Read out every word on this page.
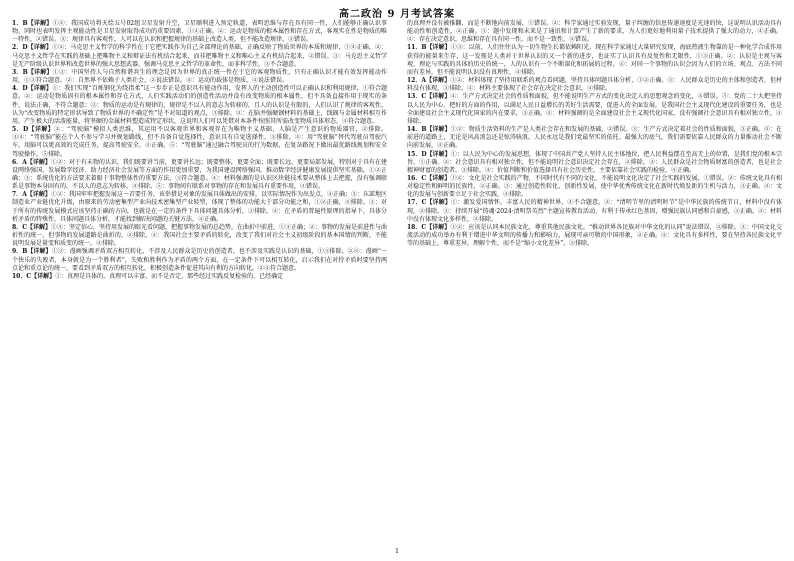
高二政治 9 月考试答案

1．B【详解】①④：我国成功将天绘五号02组卫星发射升空，卫星顺利进入预定轨道，表明思维与存在具有同一性，人们能够正确认识事物。同时也表明发挥主观能动性是卫星发射取得成功的重要因素，①④正确。②：运动是物质的根本属性和存在方式，客观实在性是物质的唯一特性，②错误。③：规律具有客观性，人可以在认识和把握规律的基础上改造人类，但不能改造规律，③错误。

2．D【详解】①④：马克思主义哲学的科学性在于它把实践作为自己全部理论的基础，正确反映了物质世界的本质和规律，①④正确。②：马克思主义哲学在实践的基础上把唯物主义和辩证法有机结合起来，而非把唯物主义和唯心主义有机结合起来，②错误。③：马克思主义哲学是无产阶级认识世界和改造世界的强大思想武器，强调马克思主义哲学的革命性，而非科学性，③不合题意。

3．B【详解】①③：中国坚持人与自然和谐共生的理念是因为世界的真正统一性在于它的客观物质性，只有正确认识才能有效发挥能动作用，①③符合题意。②：自然界不依赖于人类社会，②说法错误。④：运动的载体是物质，④说法错误。

4．D【详解】①：我们实现“百炼钢化为绕指柔”这一步步正是意识具有能动作用，发挥人的主动创造性可以正确认识和利用规律，①符合题意。②：运动是物质固有的根本属性和存在方式，人们实践活动们的创造性活动并没有改变物质的根本属性，但不具备直接作用于现实的条件，说法正确，不符合题意；③：物质的运动是有规律的，规律是不以人的意志为转移的，且人的认识是有限的，人们认识了规律的客观性，认为“改变物质的特定形状导致了物质世界的不确定性”是不对知道的观点，③排除。④：在脑并强硬钢材料的基础上，线圈与金属材料相互作用，产生极大的活泼能量，将坚硬的金属材料塑造成特定形状，这说明人们可以凭借对本条件按照其所需改变物质具体形态，④符合题意。

5．D【详解】②：“驾驶脑”模拟人类思维，其运用不以客观世界和客观存在为唯物主义基础，人脑是产生意识的物质器官，②排除。③④：“驾驶脑”能在个人不参与学习并规划路线，但不具备自觉选择性，意识具有自觉选择性，③排除。④：用“驾驶脑”替代驾驶员驾驶汽车，用脑可以更高效的完成任务，提高驾驶安全，④正确。⑤：“驾驶脑”通过融合驾驶员的行为数据，在复杂路况下做出最优路线规划和安全驾驶操作，⑤排除。

6．A【详解】①②：对于有未物的认识，我们既要讲当前，更要讲长远；既要整体，更要全面；既要长远，更要局部发展，特别对于具有在建设网络强国、发展数字经济、助力经济社会发展等方面的作用更加重要，为我国建设网络强国，推动数字经济健康发展提供坚实基础，①②正确；③：系统优化的方法要求着眼于事物整体性的重要方法，③符合题意。④：材料强调的是认识区块链技术要从整体上去把握，没有强调联系是事物本身固有的，不以人的意志为转移，④排除。⑤：事物间有联系对事物的存在和发展具有重要作用，④错误。

7．A【详解】①②：我国牢牢把握发展这一首要任务，该举措是对象的发展具体做出的安排，以实际情况作为出发点，④正确；③：东部地区制造业产业链优化升级，由原来的劳动密集型产业向技术密集型产业转型，体现了整体的功能大于部分功能之和，①②正确，④排除。③：对于所有的传统发展模式应该坚持正确的方向，也就是在一定的条件下具体问题具体分析，③排除。④：在矛盾的普遍性原理的指导下，具体分析矛盾的特殊性，具体问题具体分析，才能找到解决问题的关键方法，④正确。

8．C【详解】①③：坚定信心，坚持用发展的眼光看问题，把握事物发展的总趋势，在曲折中前进，①③正确；②：事物的发展是前进性与曲折性的统一，但事物的发展道路是曲折的，②排除。④：我国社会主要矛盾的转化，改变了我们对社会主义初级阶段的基本国情的判断，不能说明发展是量变和质变的统一，④排除。

9．B【详解】①③：漫画强调矛盾双方相互转化，不涉及人民群众是历史的创造者，也不涉及实践是认识的基础，①③排除。②④：漫画“一个快乐的失败者，本身就是为一个胜利者”，失败和胜利作为矛盾的两个方面，在一定条件下可以相互转化，启示我们在对待矛盾时要坚持两点论和重点论的统一，要看到矛盾双方的相互转化，积极创造条件促进其向有利的方向转化，②④符合题意。

10．C【详解】①：真理是具体的，真理可以丰富，而不是否定，那些经过实践反复检验的、已经确定

的真理并没有被推翻，而是不断地向前发展，①错误。②：科学家通过实验发现，量子纠缠的信息传递速度是光速的快，这说明认识活动具有能动性和创造性，②正确。③：题中发现和未来是了通讯和计算产生了新的要求，为人们更好地利用量子技术提供了强大的动力，④正确。④：存在决定意识，思维和存在具有同一性，而不是一致性，④错误。

11．B【详解】①③：以前，人们往往认为一切生物生长都依赖阳光。现在科学家通过大量研究发现，海底热液生物靠的是一种化学合成作用获得的能量来生存，这一发现是人类对于世界认识的又一个新的进步，也证实了认识具有反复性和无限性，①③正确。②：认识是主观与客观、理论与实践的具体的历史的统一，人的认识有一个不断深化和拓展的过程。④：对同一个事物的认识会因为人们的立场、观点、方法不同而有差异，但不能说明认识没有真理性，④排除。

12．A【详解】①②：材料体现了坚持用联系的观点看问题，坚持具体问题具体分析，①②正确。③：人民群众是历史的主体和创造者，但材料没有体现，③排除。④：材料主要体现了社会存在决定社会意识，④排除。

13．C【详解】④：生产方式决定社会的性质和面貌，但不能说明生产方式的变化决定人的思想观念的变化，④错误。⑤：党的二十大把坚持以人民为中心、把好的方面的作用，以满足人民日益增长的美好生活需要，促进人的全面发展，是我国社会主义现代化建设的重要任务，也是全面建设社会主义现代化国家的内在要求，③正确。④：材料强调的是全面建设社会主义现代化国家，没有强调社会意识具有相对独立性，④排除。

14．B【详解】①②：物质生活资料的生产是人类社会存在和发展的基础，②错误。③：生产方式决定着社会的性质和面貌，③正确。④：在前进的道路上，无论是风高浪急还是惊涛骇浪，人民永远是我们党最坚实的依托、最强大的底气，我们需要依靠人民群众的力量推动社会不断向前发展，④正确。

15．D【详解】①：以人民为中心的发展思想，体现了中国共产党人坚持人民主体地位，把人民利益摆在至高无上的位置，是我们党的根本宗旨，①正确。②：社会意识具有相对独立性，但不能说明社会意识决定社会存在，②排除。③：人民群众是社会物质财富的创造者，也是社会精神财富的创造者，③排除。④：价值判断和价值选择具有社会历史性，主要依靠社会实践的检验，④正确。

16．C【详解】①②：文化是社会实践的产物，不同时代有不同的文化，不能说明文化决定了社会实践的发展，①错误。②：传统文化具有相对稳定性和鲜明的民族性，②正确。③：通过创造性转化、创新性发展，使中华优秀传统文化在新时代焕发新的生机与活力，③正确。④：文化的发展与创新要立足于社会实践，④排除。

17．C【详解】①：激发爱国情怀，丰富人民的精神世界，④不合题意。②：“清明节里的清明时节”是中华民族的传统节日，材料中没有体现，②排除。③：持续开展“铸魂·2024·清明祭英烈”主题宣传教育活动，有利于传承红色基因，增强民族认同感和自豪感，③正确。④：材料中没有体现文化多样性，④排除。

18．C【详解】①②：应该是认同本民族文化，尊重其他民族文化，“推动世界各民族对中华文化的认同”说法错误，②排除。③：中国文化交流活动的成功举办有利于增进中华文明的传播力和影响力，展现可亲可敬的中国形象，②正确。④：文化具有多样性，要在坚持各民族文化平等的基础上，尊重差异，理解个性，而不是“缩小文化差异”，③排除。

1
